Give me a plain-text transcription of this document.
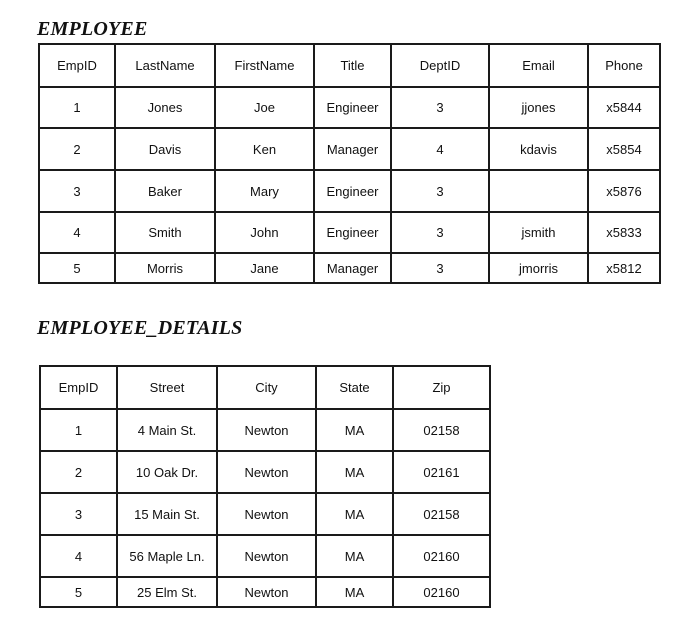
EMPLOYEE
EmpID	LastName	FirstName	Title	DeptID	Email	Phone
1	Jones	Joe	Engineer	3	jjones	x5844
2	Davis	Ken	Manager	4	kdavis	x5854
3	Baker	Mary	Engineer	3		x5876
4	Smith	John	Engineer	3	jsmith	x5833
5	Morris	Jane	Manager	3	jmorris	x5812
EMPLOYEE_DETAILS
EmpID	Street	City	State	Zip
1	4 Main St.	Newton	MA	02158
2	10 Oak Dr.	Newton	MA	02161
3	15 Main St.	Newton	MA	02158
4	56 Maple Ln.	Newton	MA	02160
5	25 Elm St.	Newton	MA	02160
